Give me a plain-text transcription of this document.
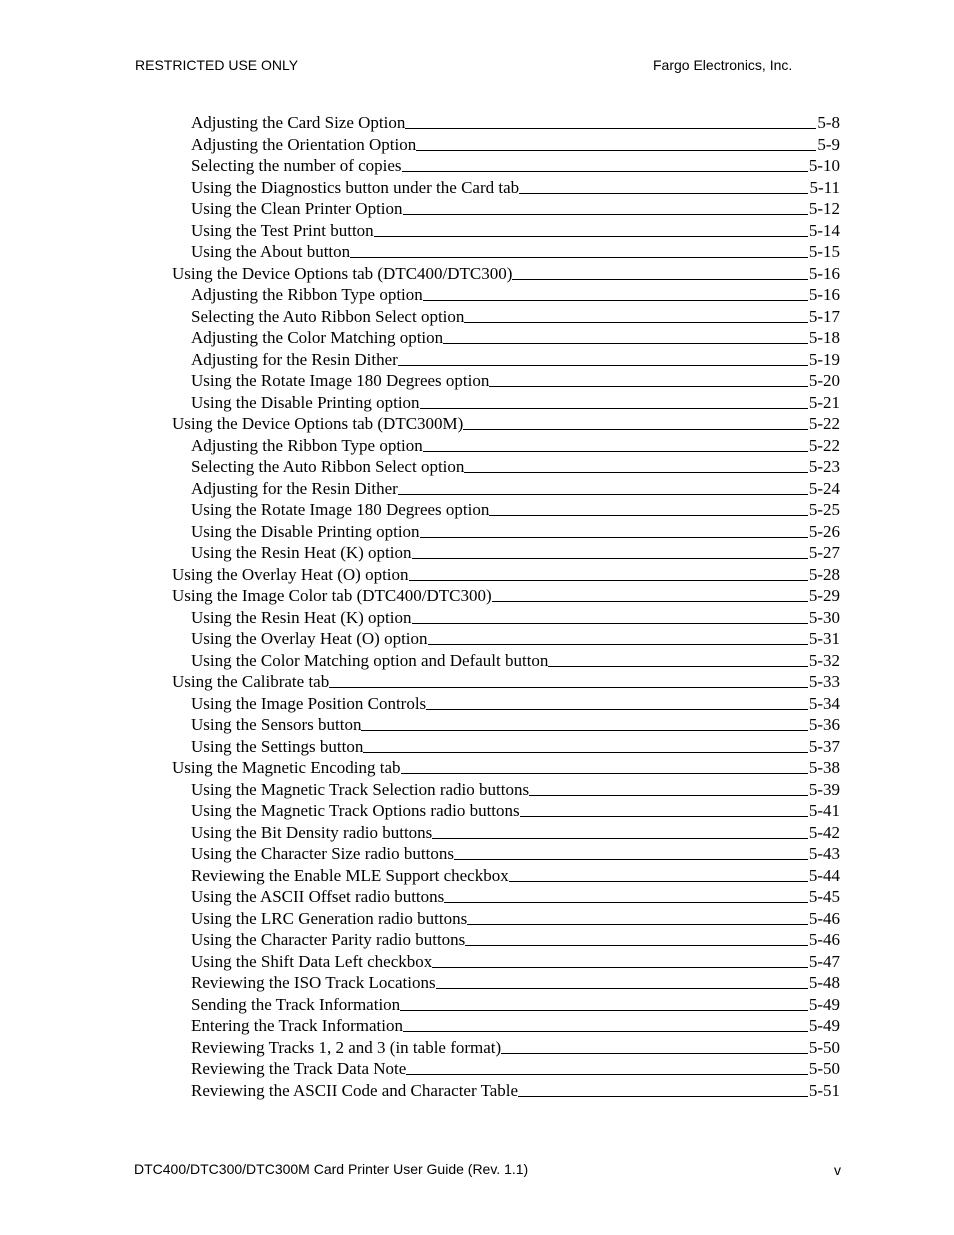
RESTRICTED USE ONLY	Fargo Electronics, Inc.
Adjusting the Card Size Option	5-8
Adjusting the Orientation Option	5-9
Selecting the number of copies	5-10
Using the Diagnostics button under the Card tab	5-11
Using the Clean Printer Option	5-12
Using the Test Print button	5-14
Using the About button	5-15
Using the Device Options tab (DTC400/DTC300)	5-16
Adjusting the Ribbon Type option	5-16
Selecting the Auto Ribbon Select option	5-17
Adjusting the Color Matching option	5-18
Adjusting for the Resin Dither	5-19
Using the Rotate Image 180 Degrees option	5-20
Using the Disable Printing option	5-21
Using the Device Options tab (DTC300M)	5-22
Adjusting the Ribbon Type option	5-22
Selecting the Auto Ribbon Select option	5-23
Adjusting for the Resin Dither	5-24
Using the Rotate Image 180 Degrees option	5-25
Using the Disable Printing option	5-26
Using the Resin Heat (K) option	5-27
Using the Overlay Heat (O) option	5-28
Using the Image Color tab (DTC400/DTC300)	5-29
Using the Resin Heat (K) option	5-30
Using the Overlay Heat (O) option	5-31
Using the Color Matching option and Default button	5-32
Using the Calibrate tab	5-33
Using the Image Position Controls	5-34
Using the Sensors button	5-36
Using the Settings button	5-37
Using the Magnetic Encoding tab	5-38
Using the Magnetic Track Selection radio buttons	5-39
Using the Magnetic Track Options radio buttons	5-41
Using the Bit Density radio buttons	5-42
Using the Character Size radio buttons	5-43
Reviewing the Enable MLE Support checkbox	5-44
Using the ASCII Offset radio buttons	5-45
Using the LRC Generation radio buttons	5-46
Using the Character Parity radio buttons	5-46
Using the Shift Data Left checkbox	5-47
Reviewing the ISO Track Locations	5-48
Sending the Track Information	5-49
Entering the Track Information	5-49
Reviewing Tracks 1, 2 and 3 (in table format)	5-50
Reviewing the Track Data Note	5-50
Reviewing the ASCII Code and Character Table	5-51
DTC400/DTC300/DTC300M Card Printer User Guide (Rev. 1.1)	v
